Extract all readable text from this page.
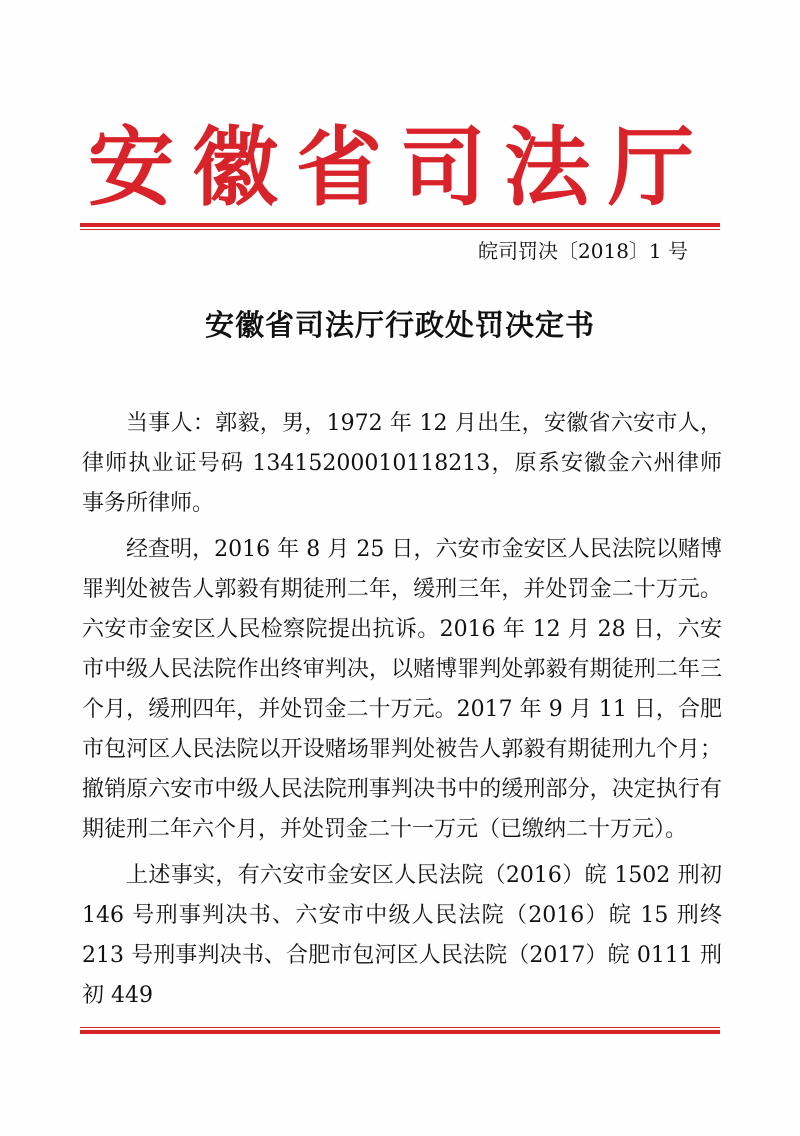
安徽省司法厅
皖司罚决〔2018〕1 号
安徽省司法厅行政处罚决定书

当事人：郭毅，男，1972 年 12 月出生，安徽省六安市人，律师执业证号码 13415200010118213，原系安徽金六州律师事务所律师。

经查明，2016 年 8 月 25 日，六安市金安区人民法院以赌博罪判处被告人郭毅有期徒刑二年，缓刑三年，并处罚金二十万元。六安市金安区人民检察院提出抗诉。2016 年 12 月 28 日，六安市中级人民法院作出终审判决，以赌博罪判处郭毅有期徒刑二年三个月，缓刑四年，并处罚金二十万元。2017 年 9 月 11 日，合肥市包河区人民法院以开设赌场罪判处被告人郭毅有期徒刑九个月；撤销原六安市中级人民法院刑事判决书中的缓刑部分，决定执行有期徒刑二年六个月，并处罚金二十一万元（已缴纳二十万元）。

上述事实，有六安市金安区人民法院（2016）皖 1502 刑初 146 号刑事判决书、六安市中级人民法院（2016）皖 15 刑终 213 号刑事判决书、合肥市包河区人民法院（2017）皖 0111 刑初 449
